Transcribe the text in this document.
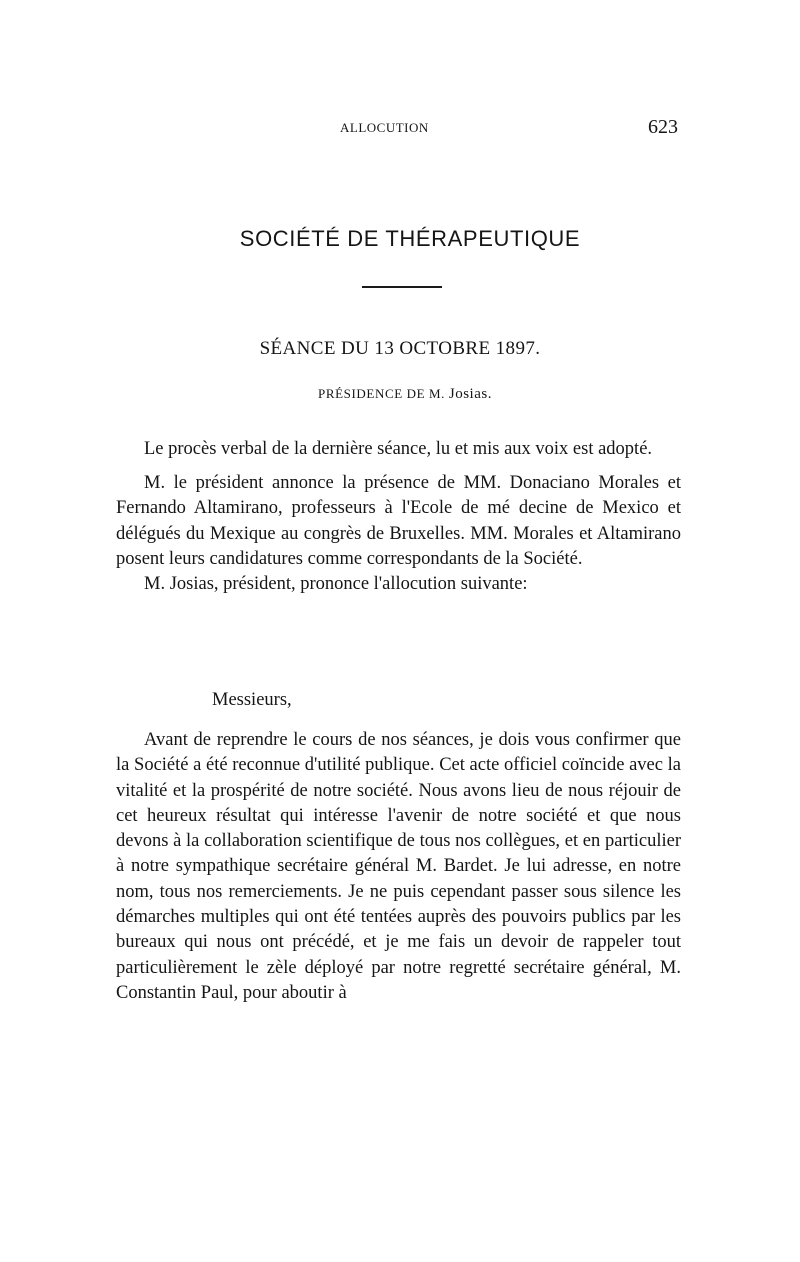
ALLOCUTION	623
SOCIÉTÉ DE THÉRAPEUTIQUE
SÉANCE DU 13 OCTOBRE 1897.
PRÉSIDENCE DE M. Josias.

Le procès verbal de la dernière séance, lu et mis aux voix est adopté.

M. le président annonce la présence de MM. Donaciano Morales et Fernando Altamirano, professeurs à l'Ecole de mé decine de Mexico et délégués du Mexique au congrès de Bruxelles. MM. Morales et Altamirano posent leurs candidatures comme correspondants de la Société.

M. Josias, président, prononce l'allocution suivante:

Messieurs,

Avant de reprendre le cours de nos séances, je dois vous confirmer que la Société a été reconnue d'utilité publique. Cet acte officiel coïncide avec la vitalité et la prospérité de notre société. Nous avons lieu de nous réjouir de cet heureux résultat qui intéresse l'avenir de notre société et que nous devons à la collaboration scientifique de tous nos collègues, et en particulier à notre sympathique secrétaire général M. Bardet. Je lui adresse, en notre nom, tous nos remerciements. Je ne puis cependant passer sous silence les démarches multiples qui ont été tentées auprès des pouvoirs publics par les bureaux qui nous ont précédé, et je me fais un devoir de rappeler tout particulièrement le zèle déployé par notre regretté secrétaire général, M. Constantin Paul, pour aboutir à
